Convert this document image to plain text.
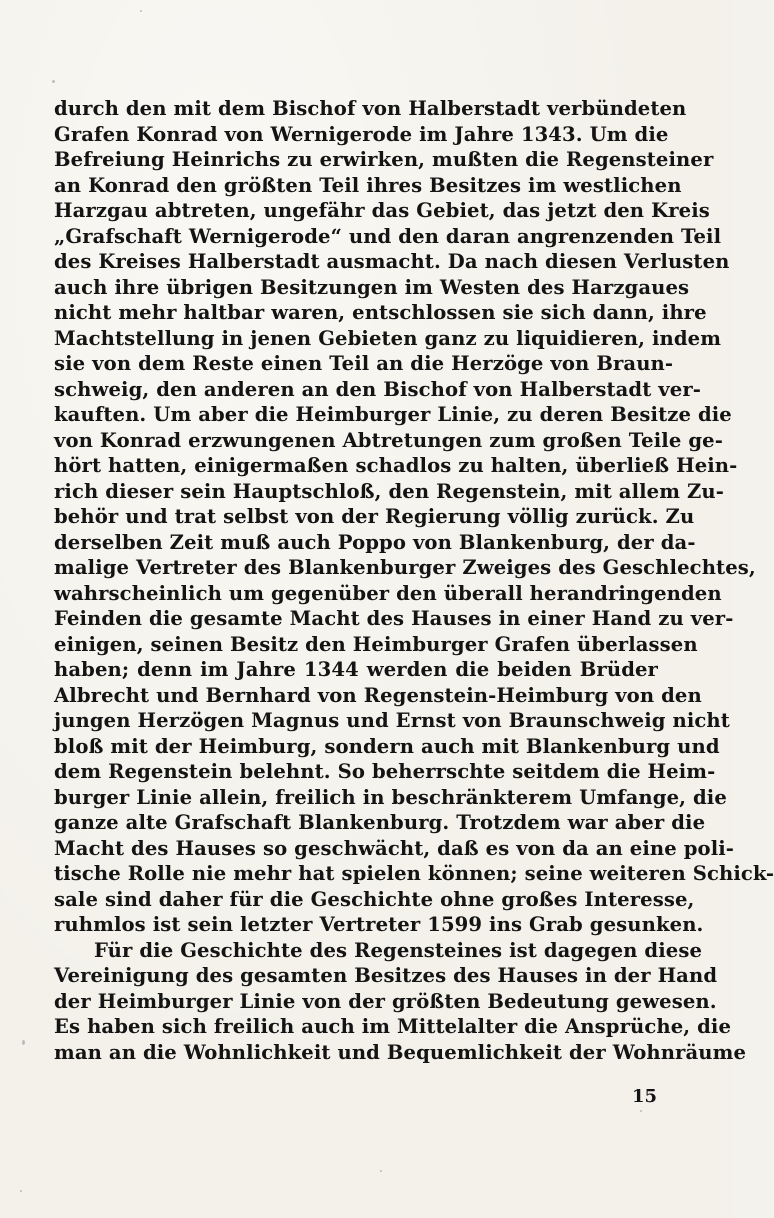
durch den mit dem Bischof von Halberstadt verbündeten
Grafen Konrad von Wernigerode im Jahre 1343. Um die
Befreiung Heinrichs zu erwirken, mußten die Regensteiner
an Konrad den größten Teil ihres Besitzes im westlichen
Harzgau abtreten, ungefähr das Gebiet, das jetzt den Kreis
„Grafschaft Wernigerode“ und den daran angrenzenden Teil
des Kreises Halberstadt ausmacht. Da nach diesen Verlusten
auch ihre übrigen Besitzungen im Westen des Harzgaues
nicht mehr haltbar waren, entschlossen sie sich dann, ihre
Machtstellung in jenen Gebieten ganz zu liquidieren, indem
sie von dem Reste einen Teil an die Herzöge von Braun-
schweig, den anderen an den Bischof von Halberstadt ver-
kauften. Um aber die Heimburger Linie, zu deren Besitze die
von Konrad erzwungenen Abtretungen zum großen Teile ge-
hört hatten, einigermaßen schadlos zu halten, überließ Hein-
rich dieser sein Hauptschloß, den Regenstein, mit allem Zu-
behör und trat selbst von der Regierung völlig zurück. Zu
derselben Zeit muß auch Poppo von Blankenburg, der da-
malige Vertreter des Blankenburger Zweiges des Geschlechtes,
wahrscheinlich um gegenüber den überall herandringenden
Feinden die gesamte Macht des Hauses in einer Hand zu ver-
einigen, seinen Besitz den Heimburger Grafen überlassen
haben; denn im Jahre 1344 werden die beiden Brüder
Albrecht und Bernhard von Regenstein-Heimburg von den
jungen Herzögen Magnus und Ernst von Braunschweig nicht
bloß mit der Heimburg, sondern auch mit Blankenburg und
dem Regenstein belehnt. So beherrschte seitdem die Heim-
burger Linie allein, freilich in beschränkterem Umfange, die
ganze alte Grafschaft Blankenburg. Trotzdem war aber die
Macht des Hauses so geschwächt, daß es von da an eine poli-
tische Rolle nie mehr hat spielen können; seine weiteren Schick-
sale sind daher für die Geschichte ohne großes Interesse,
ruhmlos ist sein letzter Vertreter 1599 ins Grab gesunken.

Für die Geschichte des Regensteines ist dagegen diese
Vereinigung des gesamten Besitzes des Hauses in der Hand
der Heimburger Linie von der größten Bedeutung gewesen.
Es haben sich freilich auch im Mittelalter die Ansprüche, die
man an die Wohnlichkeit und Bequemlichkeit der Wohnräume

15
